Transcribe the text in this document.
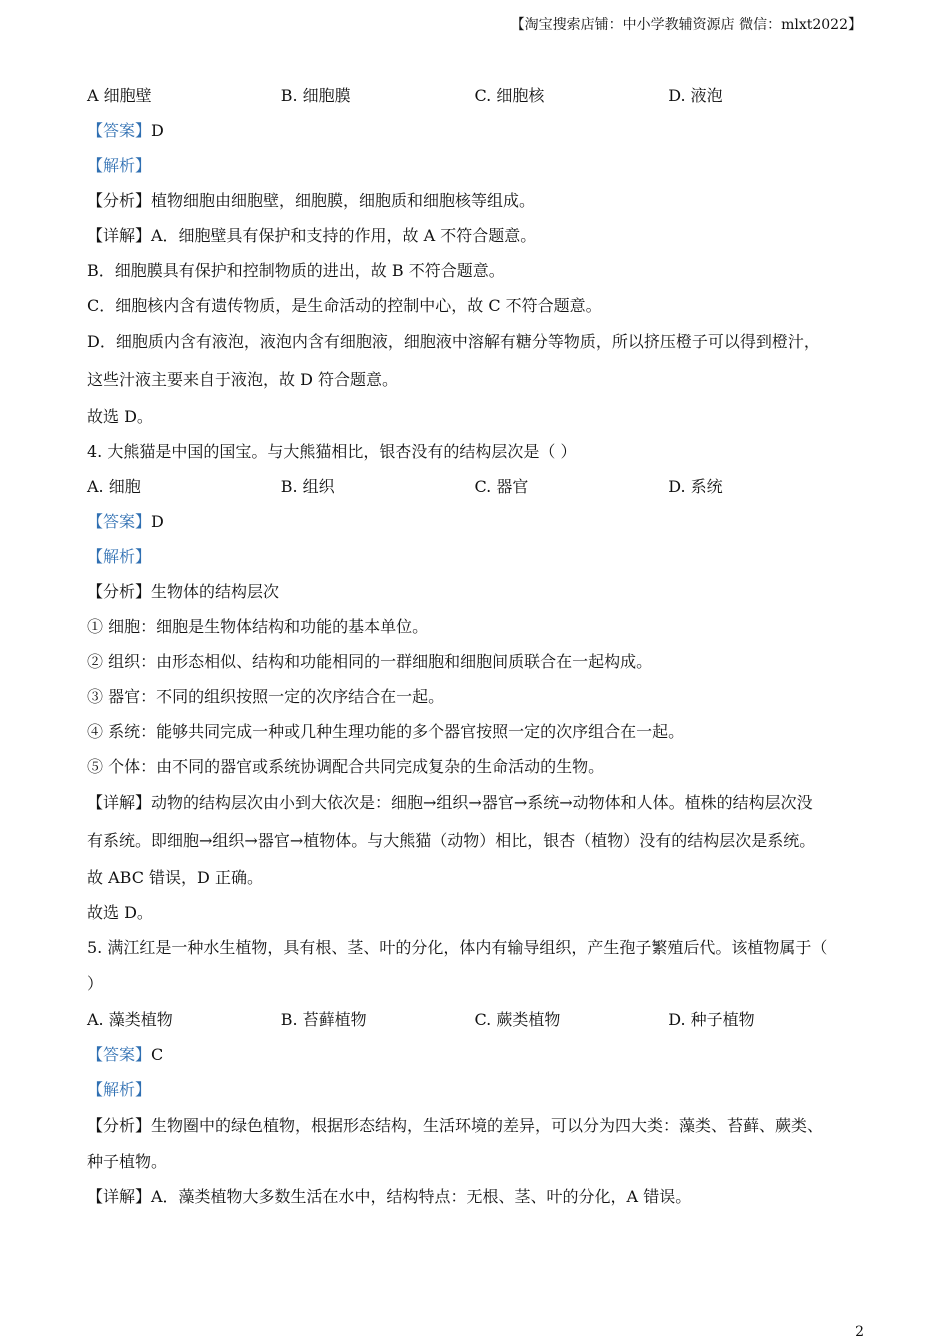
【淘宝搜索店铺：中小学教辅资源店 微信：mlxt2022】
A 细胞壁	B. 细胞膜	C. 细胞核	D. 液泡
【答案】D
【解析】
【分析】植物细胞由细胞壁，细胞膜，细胞质和细胞核等组成。
【详解】A．细胞壁具有保护和支持的作用，故 A 不符合题意。
B．细胞膜具有保护和控制物质的进出，故 B 不符合题意。
C．细胞核内含有遗传物质，是生命活动的控制中心，故 C 不符合题意。
D．细胞质内含有液泡，液泡内含有细胞液，细胞液中溶解有糖分等物质，所以挤压橙子可以得到橙汁，
这些汁液主要来自于液泡，故 D 符合题意。
故选 D。
4. 大熊猫是中国的国宝。与大熊猫相比，银杏没有的结构层次是（ ）
A. 细胞	B. 组织	C. 器官	D. 系统
【答案】D
【解析】
【分析】生物体的结构层次
① 细胞：细胞是生物体结构和功能的基本单位。
② 组织：由形态相似、结构和功能相同的一群细胞和细胞间质联合在一起构成。
③ 器官：不同的组织按照一定的次序结合在一起。
④ 系统：能够共同完成一种或几种生理功能的多个器官按照一定的次序组合在一起。
⑤ 个体：由不同的器官或系统协调配合共同完成复杂的生命活动的生物。
【详解】动物的结构层次由小到大依次是：细胞→组织→器官→系统→动物体和人体。植株的结构层次没
有系统。即细胞→组织→器官→植物体。与大熊猫（动物）相比，银杏（植物）没有的结构层次是系统。
故 ABC 错误，D 正确。
故选 D。
5. 满江红是一种水生植物，具有根、茎、叶的分化，体内有输导组织，产生孢子繁殖后代。该植物属于（
）
A. 藻类植物	B. 苔藓植物	C. 蕨类植物	D. 种子植物
【答案】C
【解析】
【分析】生物圈中的绿色植物，根据形态结构，生活环境的差异，可以分为四大类：藻类、苔藓、蕨类、
种子植物。
【详解】A．藻类植物大多数生活在水中，结构特点：无根、茎、叶的分化，A 错误。
2
